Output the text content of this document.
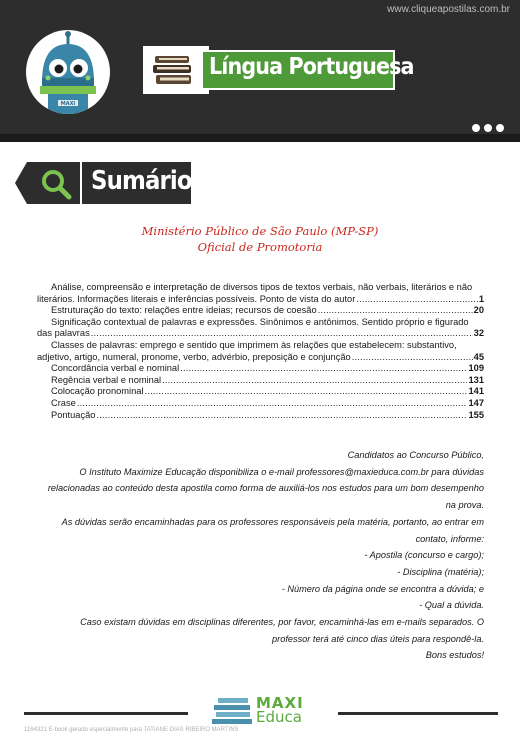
www.cliqueapostilas.com.br
MAXI
Língua Portuguesa
Sumário
Ministério Público de São Paulo (MP-SP)
Oficial de Promotoria
Análise, compreensão e interpretação de diversos tipos de textos verbais, não verbais, literários e não
literários. Informações literais e inferências possíveis. Ponto de vista do autor .....	1
Estruturação do texto: relações entre ideias; recursos de coesão .....	20
Significação contextual de palavras e expressões. Sinônimos e antônimos. Sentido próprio e figurado
das palavras .....	32
Classes de palavras: emprego e sentido que imprimem às relações que estabelecem: substantivo,
adjetivo, artigo, numeral, pronome, verbo, advérbio, preposição e conjunção .....	45
Concordância verbal e nominal .....	109
Regência verbal e nominal .....	131
Colocação pronominal .....	141
Crase .....	147
Pontuação .....	155
Candidatos ao Concurso Público,
O Instituto Maximize Educação disponibiliza o e-mail professores@maxieduca.com.br para dúvidas
relacionadas ao conteúdo desta apostila como forma de auxiliá-los nos estudos para um bom desempenho
na prova.
As dúvidas serão encaminhadas para os professores responsáveis pela matéria, portanto, ao entrar em
contato, informe:
- Apostila (concurso e cargo);
- Disciplina (matéria);
- Número da página onde se encontra a dúvida; e
- Qual a dúvida.
Caso existam dúvidas em disciplinas diferentes, por favor, encaminhá-las em e-mails separados. O
professor terá até cinco dias úteis para respondê-la.
Bons estudos!
MAXI
Educa
1164321 E-book gerado especialmente para TATIANE DIAS RIBEIRO MARTINS
